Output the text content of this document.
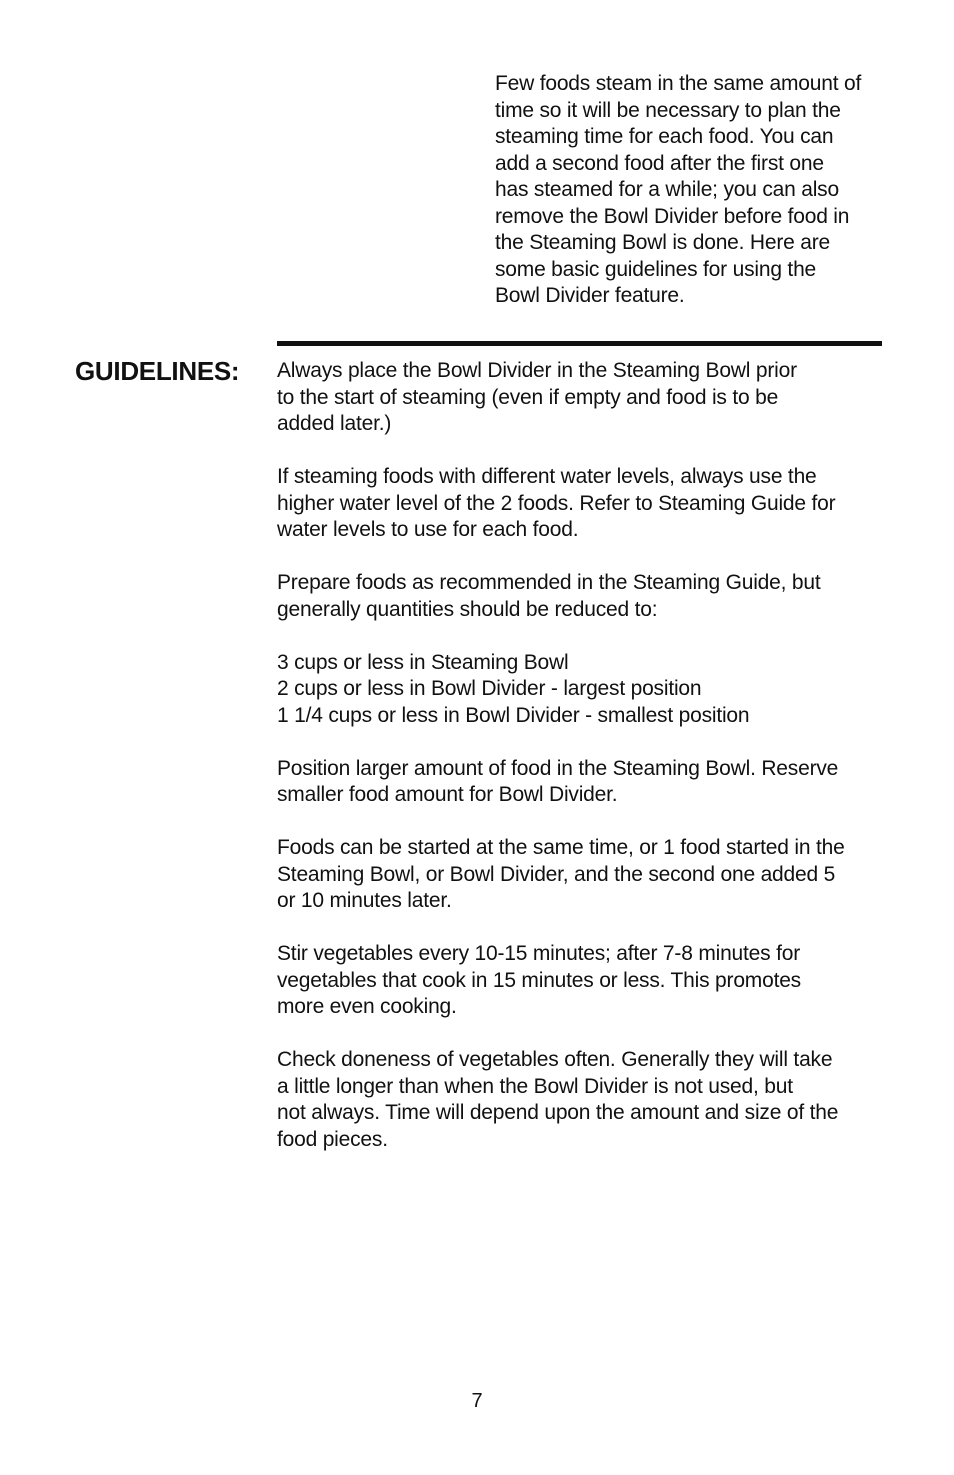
Few foods steam in the same amount of
time so it will be necessary to plan the
steaming time for each food. You can
add a second food after the first one
has steamed for a while; you can also
remove the Bowl Divider before food in
the Steaming Bowl is done. Here are
some basic guidelines for using the
Bowl Divider feature.
GUIDELINES: Always place the Bowl Divider in the Steaming Bowl prior
to the start of steaming (even if empty and food is to be
added later.)

If steaming foods with different water levels, always use the
higher water level of the 2 foods. Refer to Steaming Guide for
water levels to use for each food.

Prepare foods as recommended in the Steaming Guide, but
generally quantities should be reduced to:

3 cups or less in Steaming Bowl
2 cups or less in Bowl Divider - largest position
1 1/4 cups or less in Bowl Divider - smallest position

Position larger amount of food in the Steaming Bowl. Reserve
smaller food amount for Bowl Divider.

Foods can be started at the same time, or 1 food started in the
Steaming Bowl, or Bowl Divider, and the second one added 5
or 10 minutes later.

Stir vegetables every 10-15 minutes; after 7-8 minutes for
vegetables that cook in 15 minutes or less. This promotes
more even cooking.

Check doneness of vegetables often. Generally they will take
a little longer than when the Bowl Divider is not used, but
not always. Time will depend upon the amount and size of the
food pieces.

7
